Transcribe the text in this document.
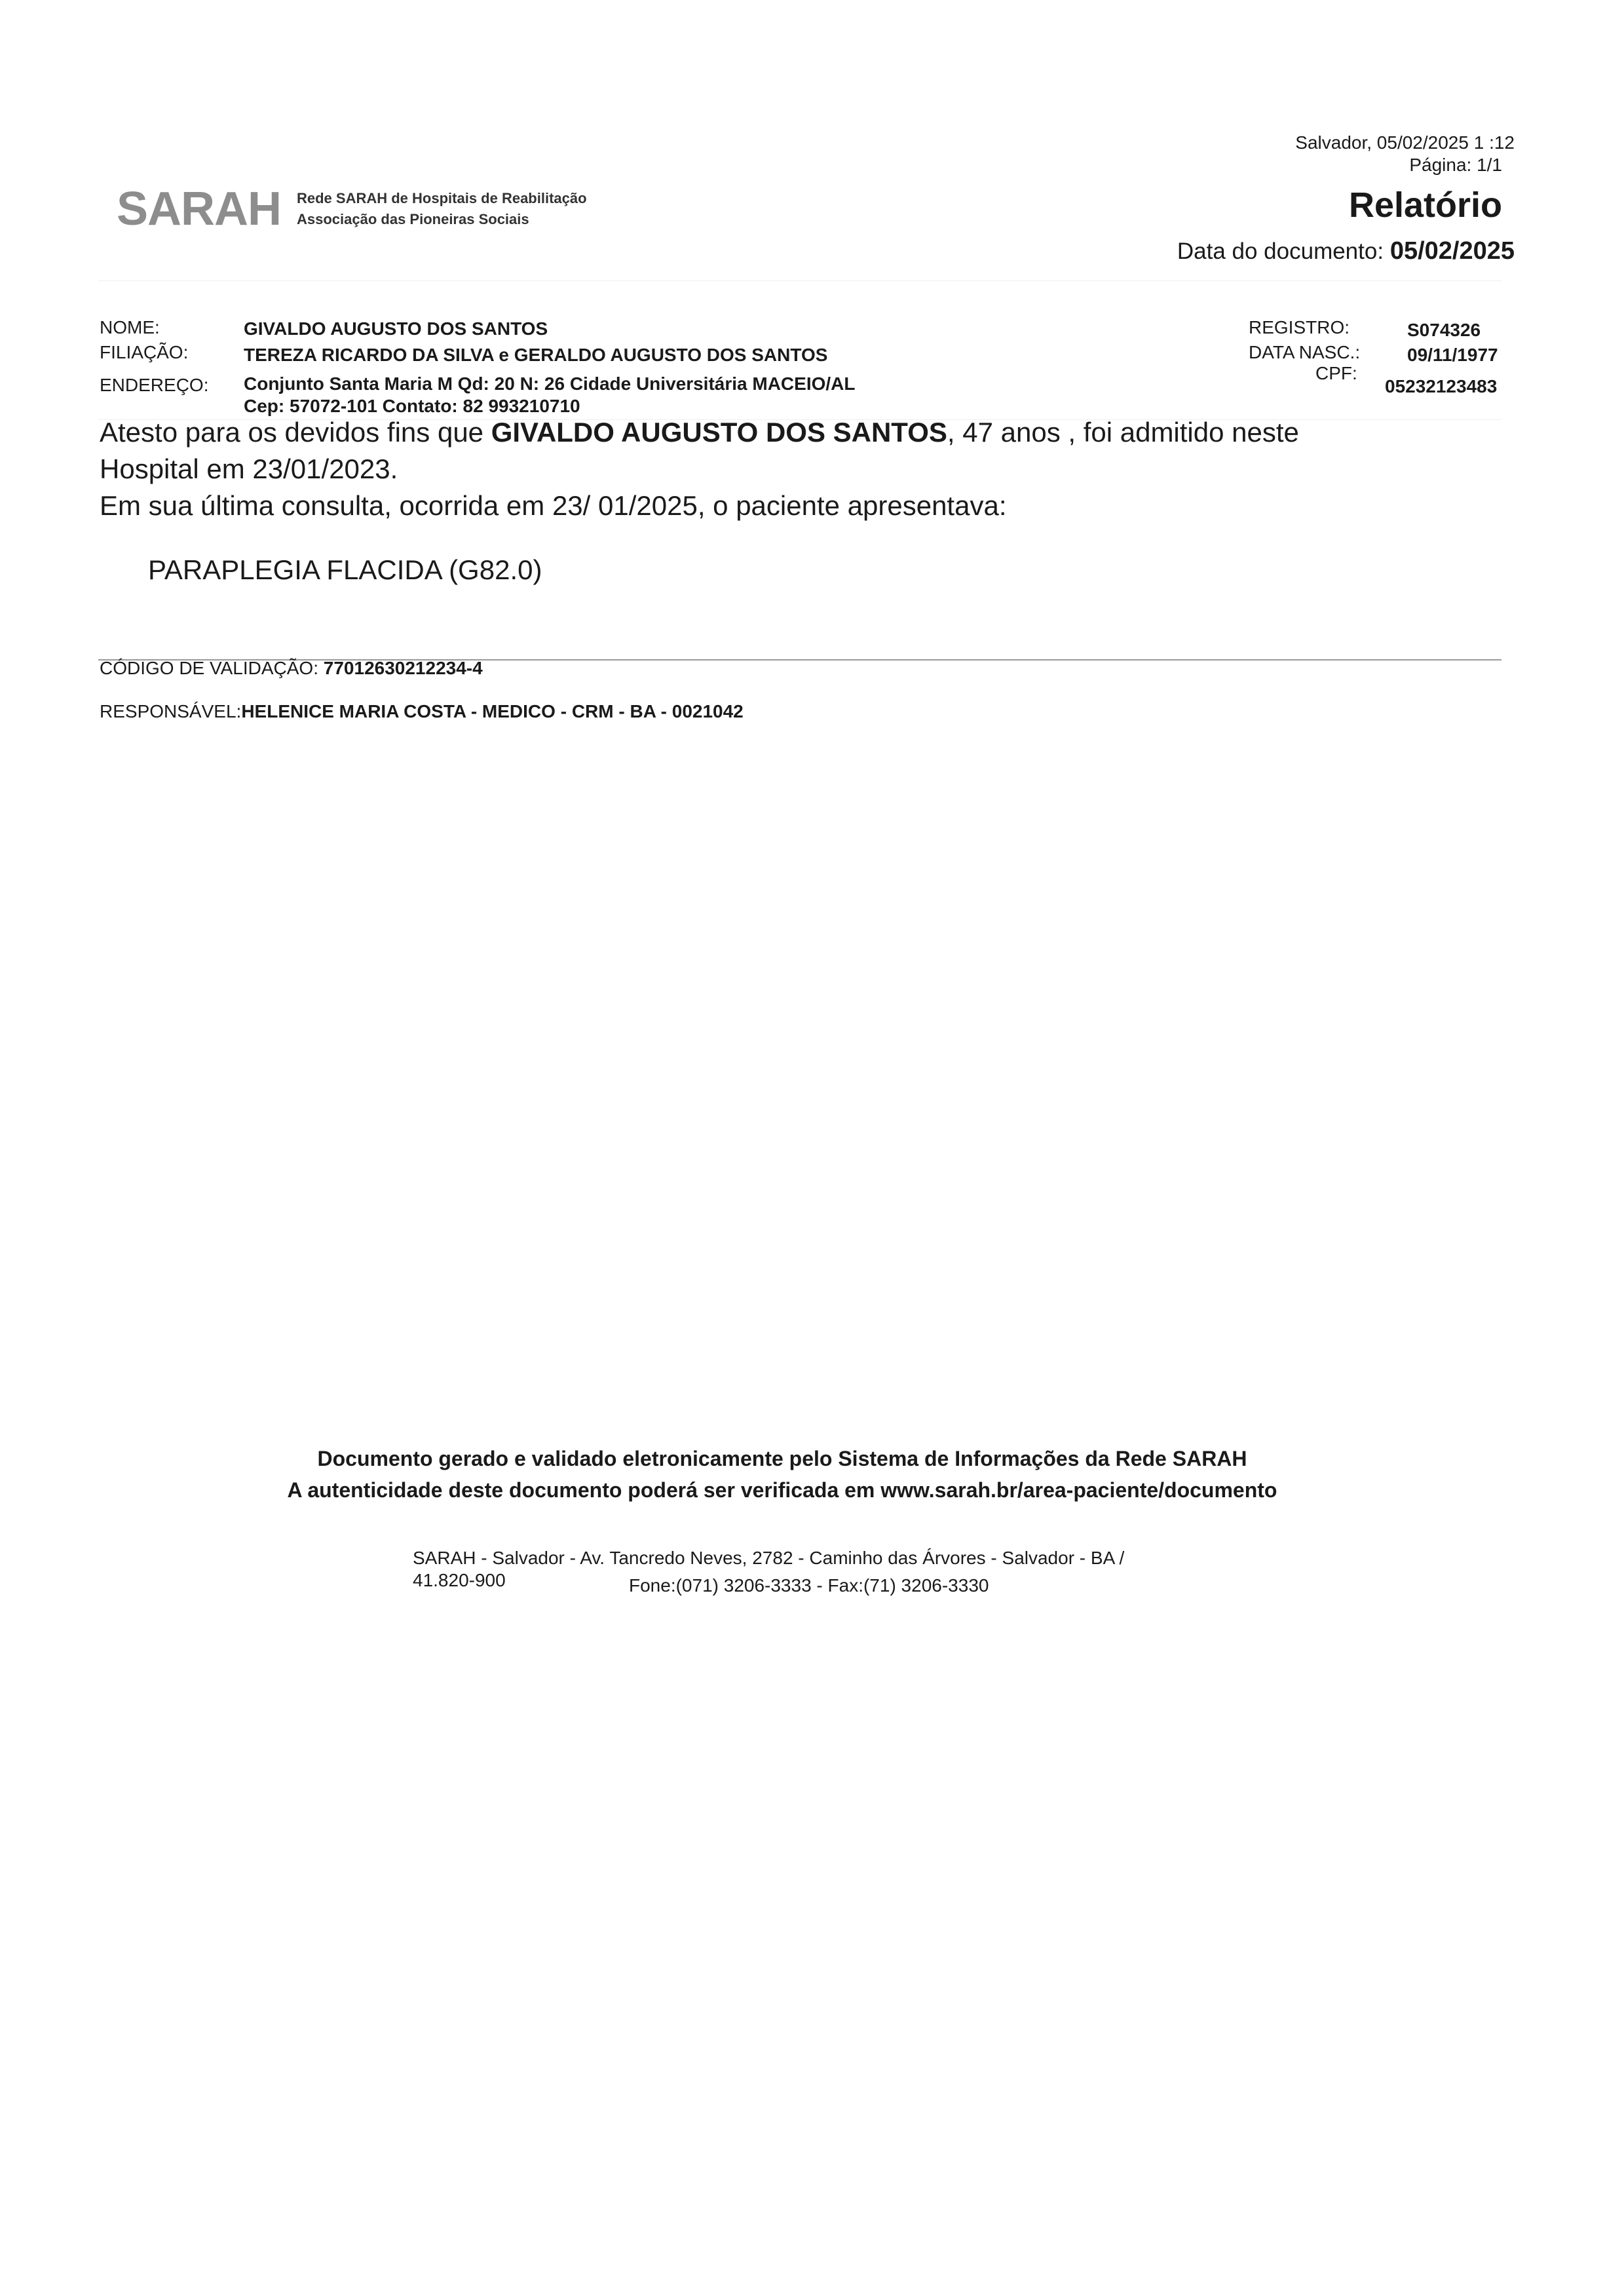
Salvador, 05/02/2025 1 :12
Página: 1/1
Relatório
Data do documento: 05/02/2025
SARAH Rede SARAH de Hospitais de Reabilitação
Associação das Pioneiras Sociais
NOME:	GIVALDO AUGUSTO DOS SANTOS
FILIAÇÃO:	TEREZA RICARDO DA SILVA e GERALDO AUGUSTO DOS SANTOS
ENDEREÇO: Conjunto Santa Maria M Qd: 20 N: 26 Cidade Universitária MACEIO/AL
Cep: 57072-101 Contato: 82 993210710
REGISTRO:	S074326
DATA NASC.:	09/11/1977
CPF:
05232123483

Atesto para os devidos fins que GIVALDO AUGUSTO DOS SANTOS, 47 anos , foi admitido neste

Hospital em 23/01/2023.

Em sua última consulta, ocorrida em 23/ 01/2025, o paciente apresentava:

PARAPLEGIA FLACIDA (G82.0)
CÓDIGO DE VALIDAÇÃO: 77012630212234-4
RESPONSÁVEL:HELENICE MARIA COSTA - MEDICO - CRM - BA - 0021042
Documento gerado e validado eletronicamente pelo Sistema de Informações da Rede SARAH
A autenticidade deste documento poderá ser verificada em www.sarah.br/area-paciente/documento
SARAH - Salvador - Av. Tancredo Neves, 2782 - Caminho das Árvores - Salvador - BA /
41.820-900	Fone:(071) 3206-3333 - Fax:(71) 3206-3330
